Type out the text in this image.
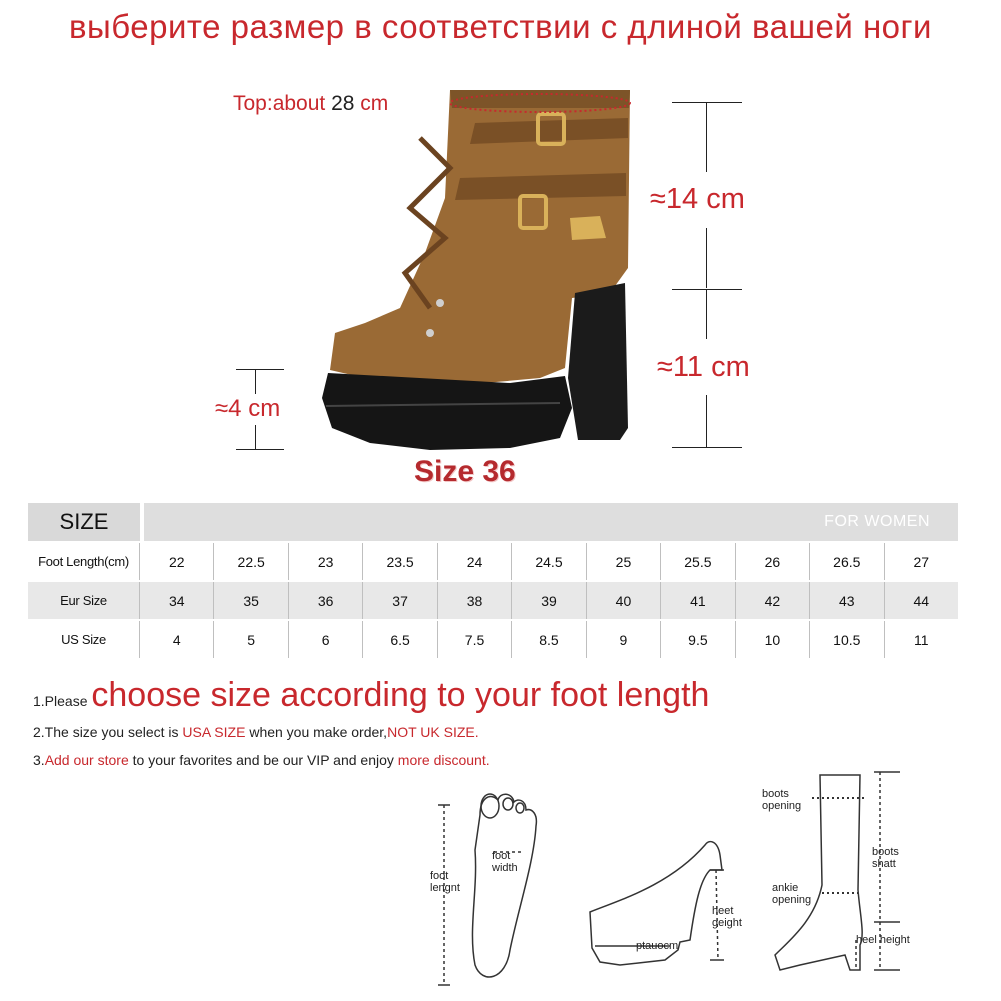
выберите размер в соответствии с длиной вашей ноги
Top:about 28 cm
≈14 cm
≈11 cm
≈4 cm
Size 36
SIZE	FOR WOMEN
Foot Length(cm)	22	22.5	23	23.5	24	24.5	25	25.5	26	26.5	27
Eur Size	34	35	36	37	38	39	40	41	42	43	44
US Size	4	5	6	6.5	7.5	8.5	9	9.5	10	10.5	11
1.Please choose size according to your foot length
2.The size you select is USA SIZE when you make order,NOT UK SIZE.
3.Add our store to your favorites and be our VIP and enjoy more discount.
foot
lengnt
foot
width
heet
geight
ptauocm
boots
opening
boots
shatt
ankie
opening
heel height
